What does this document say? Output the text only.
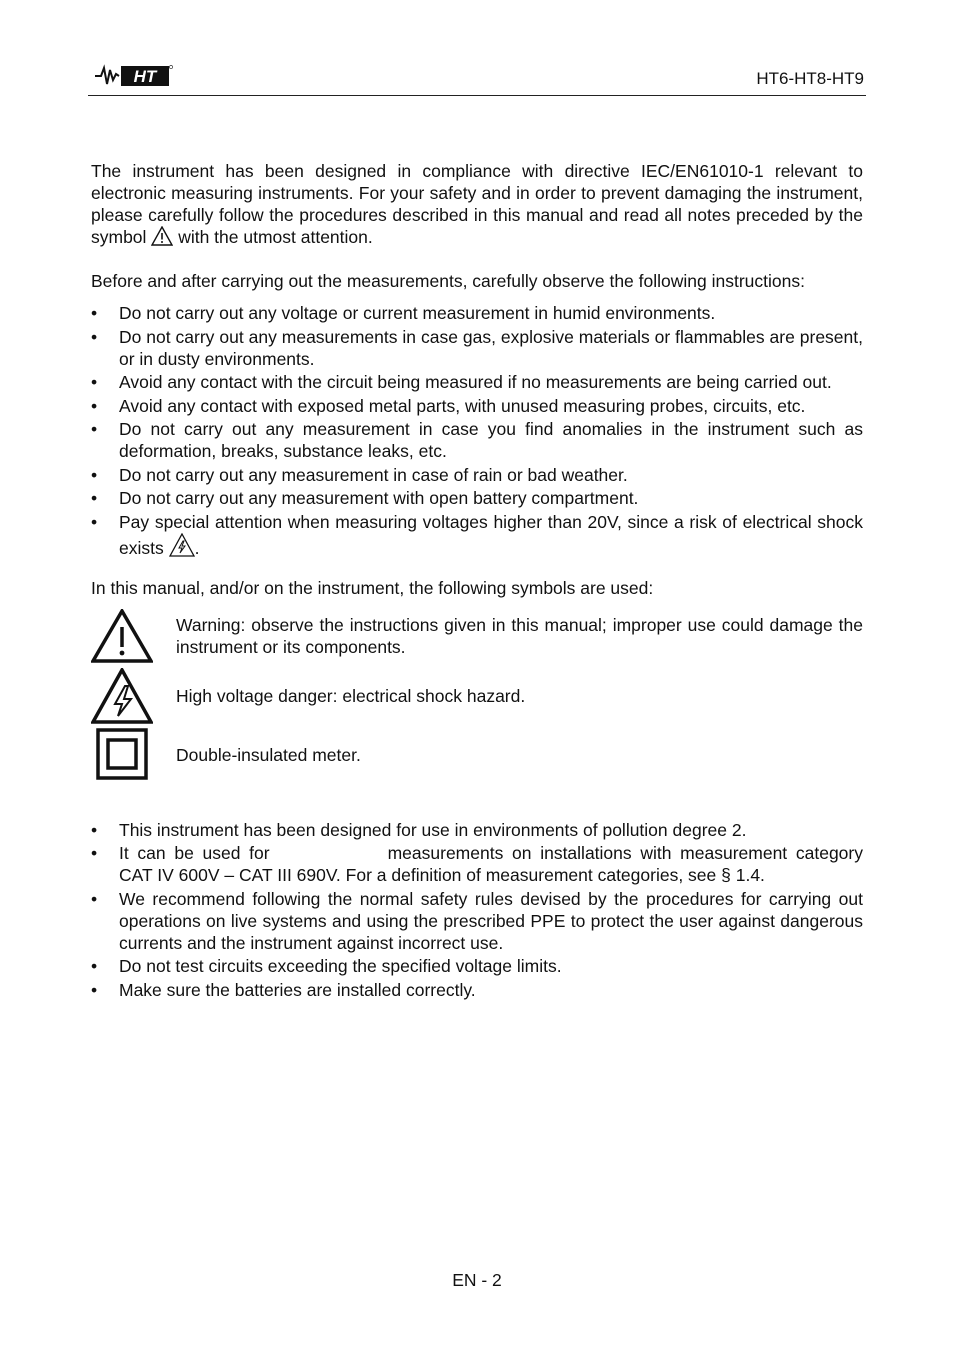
HT	HT6-HT8-HT9

The instrument has been designed in compliance with directive IEC/EN61010-1 relevant to electronic measuring instruments. For your safety and in order to prevent damaging the instrument, please carefully follow the procedures described in this manual and read all notes preceded by the symbol with the utmost attention.

Before and after carrying out the measurements, carefully observe the following instructions:

• Do not carry out any voltage or current measurement in humid environments.
• Do not carry out any measurements in case gas, explosive materials or flammables are present, or in dusty environments.
• Avoid any contact with the circuit being measured if no measurements are being carried out.
• Avoid any contact with exposed metal parts, with unused measuring probes, circuits, etc.
• Do not carry out any measurement in case you find anomalies in the instrument such as deformation, breaks, substance leaks, etc.
• Do not carry out any measurement in case of rain or bad weather.
• Do not carry out any measurement with open battery compartment.
• Pay special attention when measuring voltages higher than 20V, since a risk of electrical shock exists .

In this manual, and/or on the instrument, the following symbols are used:

Warning: observe the instructions given in this manual; improper use could damage the instrument or its components.
High voltage danger: electrical shock hazard.
Double-insulated meter.
• This instrument has been designed for use in environments of pollution degree 2.
• It can be used for	measurements on installations with measurement category CAT IV 600V – CAT III 690V. For a definition of measurement categories, see § 1.4.
• We recommend following the normal safety rules devised by the procedures for carrying out operations on live systems and using the prescribed PPE to protect the user against dangerous currents and the instrument against incorrect use.
• Do not test circuits exceeding the specified voltage limits.
• Make sure the batteries are installed correctly.
EN - 2
